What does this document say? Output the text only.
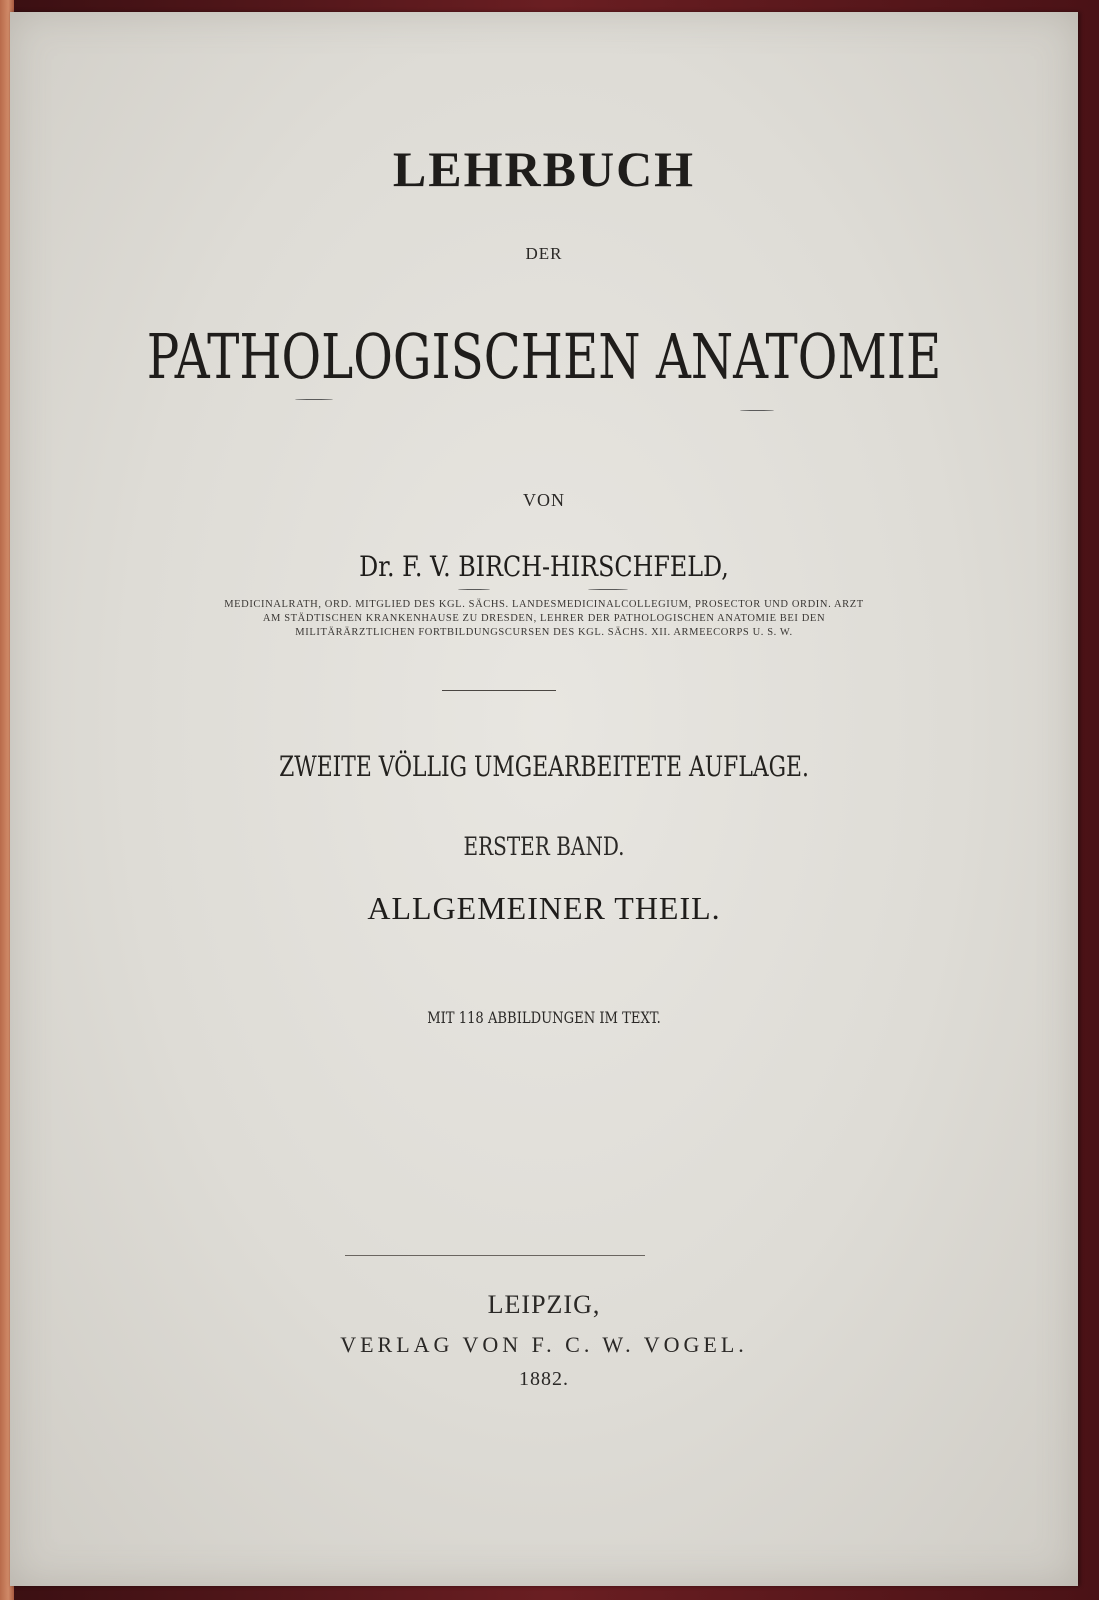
LEHRBUCH

DER

PATHOLOGISCHEN ANATOMIE

VON

Dr. F. V. BIRCH-HIRSCHFELD,

MEDICINALRATH, ORD. MITGLIED DES KGL. SÄCHS. LANDESMEDICINALCOLLEGIUM, PROSECTOR UND ORDIN. ARZT

AM STÄDTISCHEN KRANKENHAUSE ZU DRESDEN, LEHRER DER PATHOLOGISCHEN ANATOMIE BEI DEN

MILITÄRÄRZTLICHEN FORTBILDUNGSCURSEN DES KGL. SÄCHS. XII. ARMEECORPS U. S. W.

ZWEITE VÖLLIG UMGEARBEITETE AUFLAGE.

ERSTER BAND.

ALLGEMEINER THEIL.

MIT 118 ABBILDUNGEN IM TEXT.

LEIPZIG,

VERLAG VON F. C. W. VOGEL.

1882.
